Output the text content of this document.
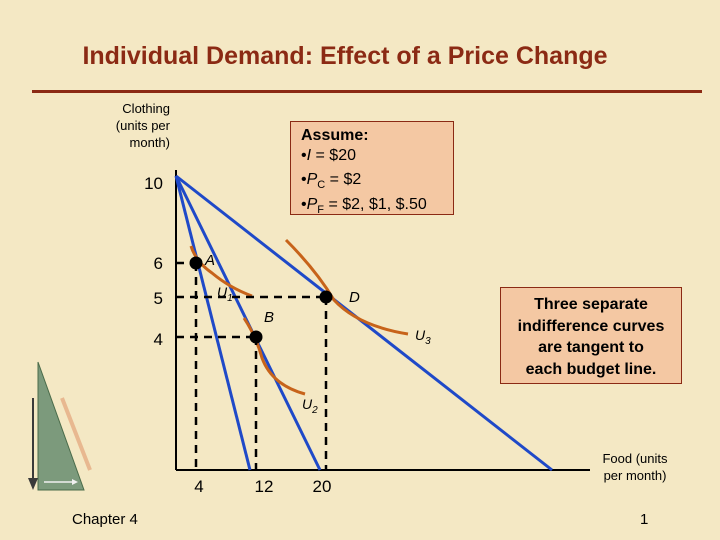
Individual Demand: Effect of a Price Change
Clothing
(units per
month)
Food (units
per month)
A
B
D
$U_1$
$U_2$
$U_3$
10
6
5
4
4	12 20
Assume:
•I = $20
$•P_C$ = $2
$•P_F$ = $2, $1, $.50
Three separate
indifference curves
are tangent to
each budget line.
Chapter 4	1
